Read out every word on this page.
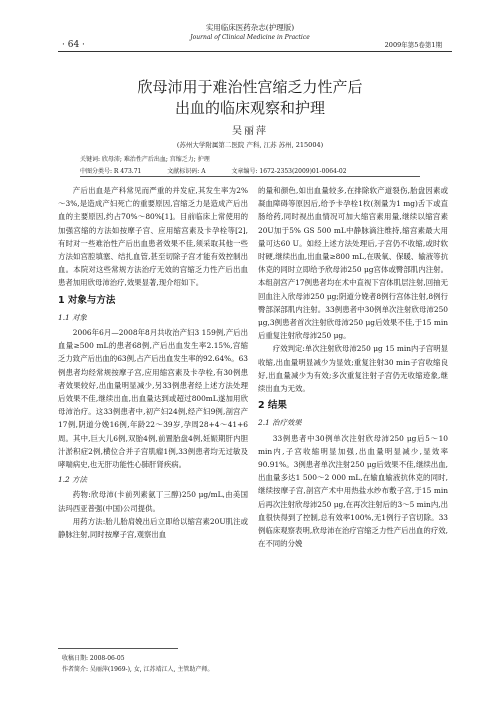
实用临床医药杂志(护理版)
Journal of Clinical Medicine in Practice
· 64 ·	2009年第5卷第1期
欣母沛用于难治性宫缩乏力性产后
出血的临床观察和护理
吴丽萍
(苏州大学附属第二医院 产科, 江苏 苏州, 215004)
关键词: 欣母沛; 难治性产后出血; 宫缩乏力; 护理
中图分类号: R 473.71	文献标识码: A	文章编号: 1672-2353(2009)01-0064-02

产后出血是产科常见而严重的并发症,其发生率为2%～3%,是造成产妇死亡的重要原因,宫缩乏力是造成产后出血的主要原因,约占70%～80%[1]。目前临床上常使用的加强宫缩的方法如按摩子宫、应用缩宫素及卡孕栓等[2],有时对一些难治性产后出血患者效果不佳,须采取其他一些方法如宫腔填塞、结扎血管,甚至切除子宫才能有效控制出血。本院对这些常规方法治疗无效的宫缩乏力性产后出血患者加用欣母沛治疗,效果显著,现介绍如下。

1 对象与方法

1.1 对象

2006年6月—2008年8月共收治产妇3 159例,产后出血量≥500 mL的患者68例,产后出血发生率2.15%,宫缩乏力致产后出血的63例,占产后出血发生率的92.64%。63例患者均经常规按摩子宫,应用缩宫素及卡孕栓,有30例患者效果较好,出血量明显减少,另33例患者经上述方法处理后效果不佳,继续出血,出血量达到或超过800mL遂加用欣母沛治疗。这33例患者中,初产妇24例,经产妇9例,剖宫产17例,阴道分娩16例,年龄22～39岁,孕周28+4～41+6周。其中,巨大儿6例,双胎4例,前置胎盘4例,妊娠期肝内胆汁淤积症2例,横位合并子宫肌瘤1例,33例患者均无过敏及哮喘病史,也无肝功能性心肺肝肾疾病。

1.2 方法

药物:欣母沛(卡前列素氨丁三醇)250 μg/mL,由美国法玛西亚普强(中国)公司提供。

用药方法:胎儿胎肩娩出后立即给以缩宫素20U肌注或静脉注射,同时按摩子宫,观察出血

的量和颜色,如出血量较多,在排除软产道裂伤,胎盘因素或凝血障碍等原因后,给予卡孕栓1枚(剂量为1 mg)舌下或直肠给药,同时视出血情况可加大缩宫素用量,继续以缩宫素20U加于5% GS 500 mL中静脉滴注维持,缩宫素最大用量可达60 U。如经上述方法处理后,子宫仍不收缩,或时软时硬,继续出血,出血量≥800 mL,在吸氧、保暖、输液等抗休克的同时立即给予欣母沛250 μg宫体或臀部肌内注射。本组剖宫产17例患者均在术中直视下宫体肌层注射,回抽无回血注入欣母沛250 μg;阴道分娩者8例行宫体注射,8例行臀部深部肌内注射。33例患者中30例单次注射欣母沛250 μg,3例患者首次注射欣母沛250 μg后效果不佳,于15 min后重复注射欣母沛250 μg。

疗效判定:单次注射欣母沛250 μg 15 min内子宫明显收缩,出血量明显减少为显效;重复注射30 min子宫收缩良好,出血量减少为有效;多次重复注射子宫仍无收缩迹象,继续出血为无效。

2 结果

2.1 治疗效果

33例患者中30例单次注射欣母沛250 μg后5～10 min内,子宫收缩明显加强,出血量明显减少,显效率90.91%。3例患者单次注射250 μg后效果不佳,继续出血,出血量多达1 500～2 000 mL,在输血输液抗休克的同时,继续按摩子宫,剖宫产术中用热盐水纱布敷子宫,于15 min后再次注射欣母沛250 μg,在再次注射后的3～5 min内,出血很快得到了控制,总有效率100%,无1例行子宫切除。33例临床观察表明,欣母沛在治疗宫缩乏力性产后出血的疗效,在不同的分娩

收稿日期: 2008-06-05
作者简介: 吴丽萍(1969-), 女, 江苏靖江人, 主管助产师。
